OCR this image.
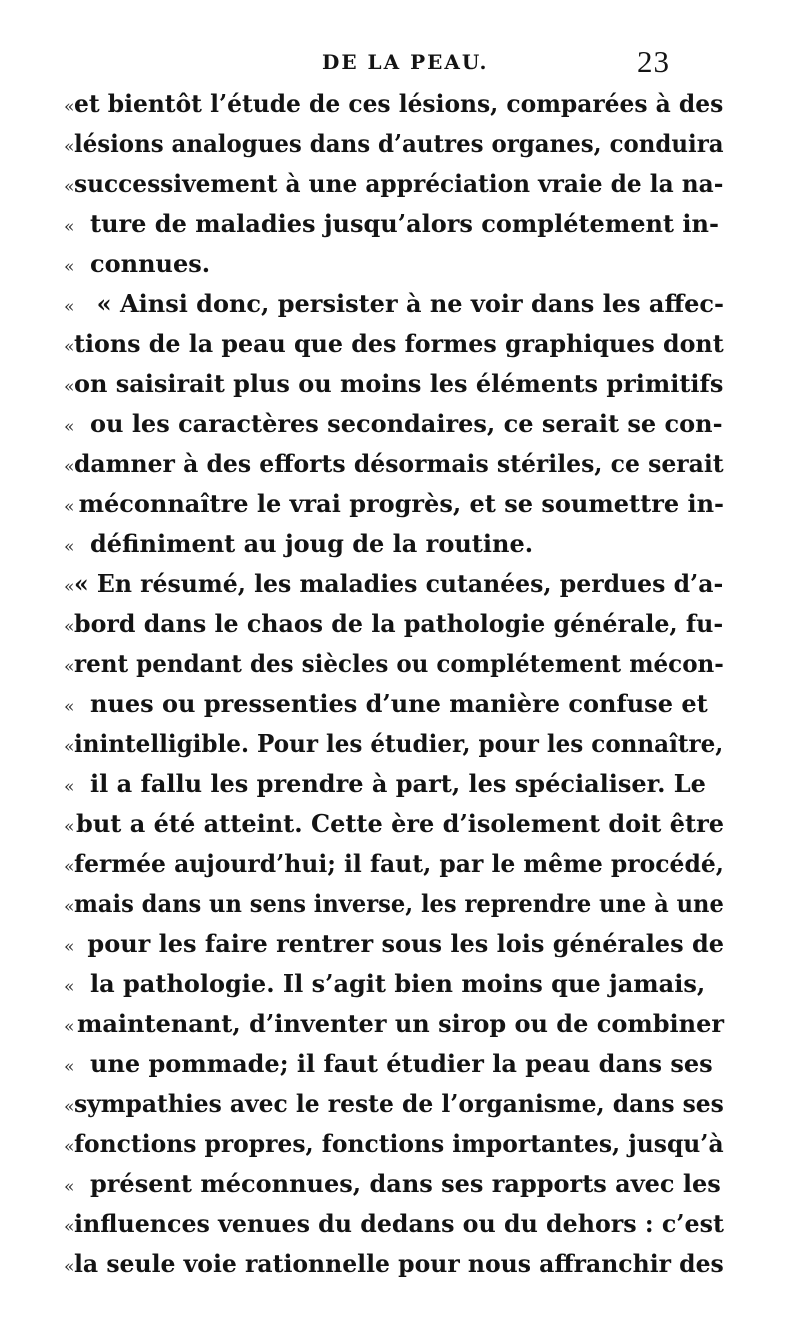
DE LA PEAU.	23
« et bientôt l’étude de ces lésions, comparées à des
« lésions analogues dans d’autres organes, conduira
« successivement à une appréciation vraie de la na-
« ture de maladies jusqu’alors complétement in-
« connues.
« « Ainsi donc, persister à ne voir dans les affec-
« tions de la peau que des formes graphiques dont
« on saisirait plus ou moins les éléments primitifs
« ou les caractères secondaires, ce serait se con-
« damner à des efforts désormais stériles, ce serait
« méconnaître le vrai progrès, et se soumettre in-
« définiment au joug de la routine.
« « En résumé, les maladies cutanées, perdues d’a-
« bord dans le chaos de la pathologie générale, fu-
« rent pendant des siècles ou complétement mécon-
« nues ou pressenties d’une manière confuse et
« inintelligible. Pour les étudier, pour les connaître,
« il a fallu les prendre à part, les spécialiser. Le
« but a été atteint. Cette ère d’isolement doit être
« fermée aujourd’hui; il faut, par le même procédé,
« mais dans un sens inverse, les reprendre une à une
« pour les faire rentrer sous les lois générales de
« la pathologie. Il s’agit bien moins que jamais,
« maintenant, d’inventer un sirop ou de combiner
« une pommade; il faut étudier la peau dans ses
« sympathies avec le reste de l’organisme, dans ses
« fonctions propres, fonctions importantes, jusqu’à
« présent méconnues, dans ses rapports avec les
« influences venues du dedans ou du dehors : c’est
« la seule voie rationnelle pour nous affranchir des
